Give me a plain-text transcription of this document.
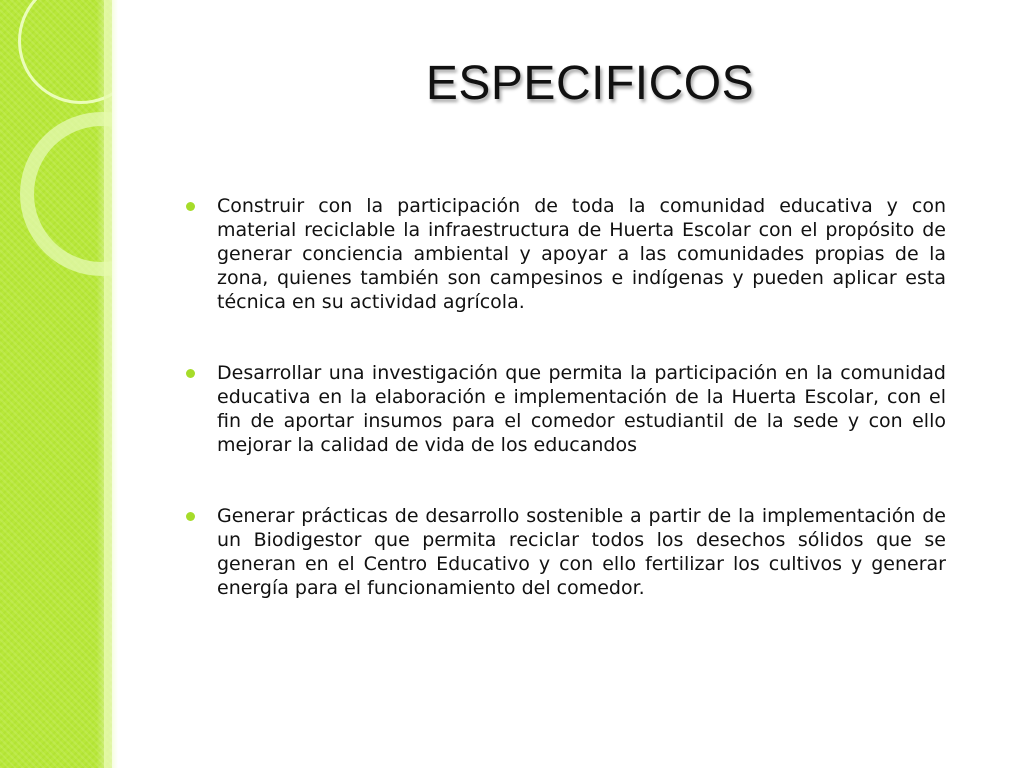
ESPECIFICOS
Construir con la participación de toda la comunidad educativa y con material reciclable la infraestructura de Huerta Escolar con el propósito de generar conciencia ambiental y apoyar a las comunidades propias de la zona, quienes también son campesinos e indígenas y pueden aplicar esta técnica en su actividad agrícola.
Desarrollar una investigación que permita la participación en la comunidad educativa en la elaboración e implementación de la Huerta Escolar, con el fin de aportar insumos para el comedor estudiantil de la sede y con ello mejorar la calidad de vida de los educandos
Generar prácticas de desarrollo sostenible a partir de la implementación de un Biodigestor que permita reciclar todos los desechos sólidos que se generan en el Centro Educativo y con ello fertilizar los cultivos y generar energía para el funcionamiento del comedor.
